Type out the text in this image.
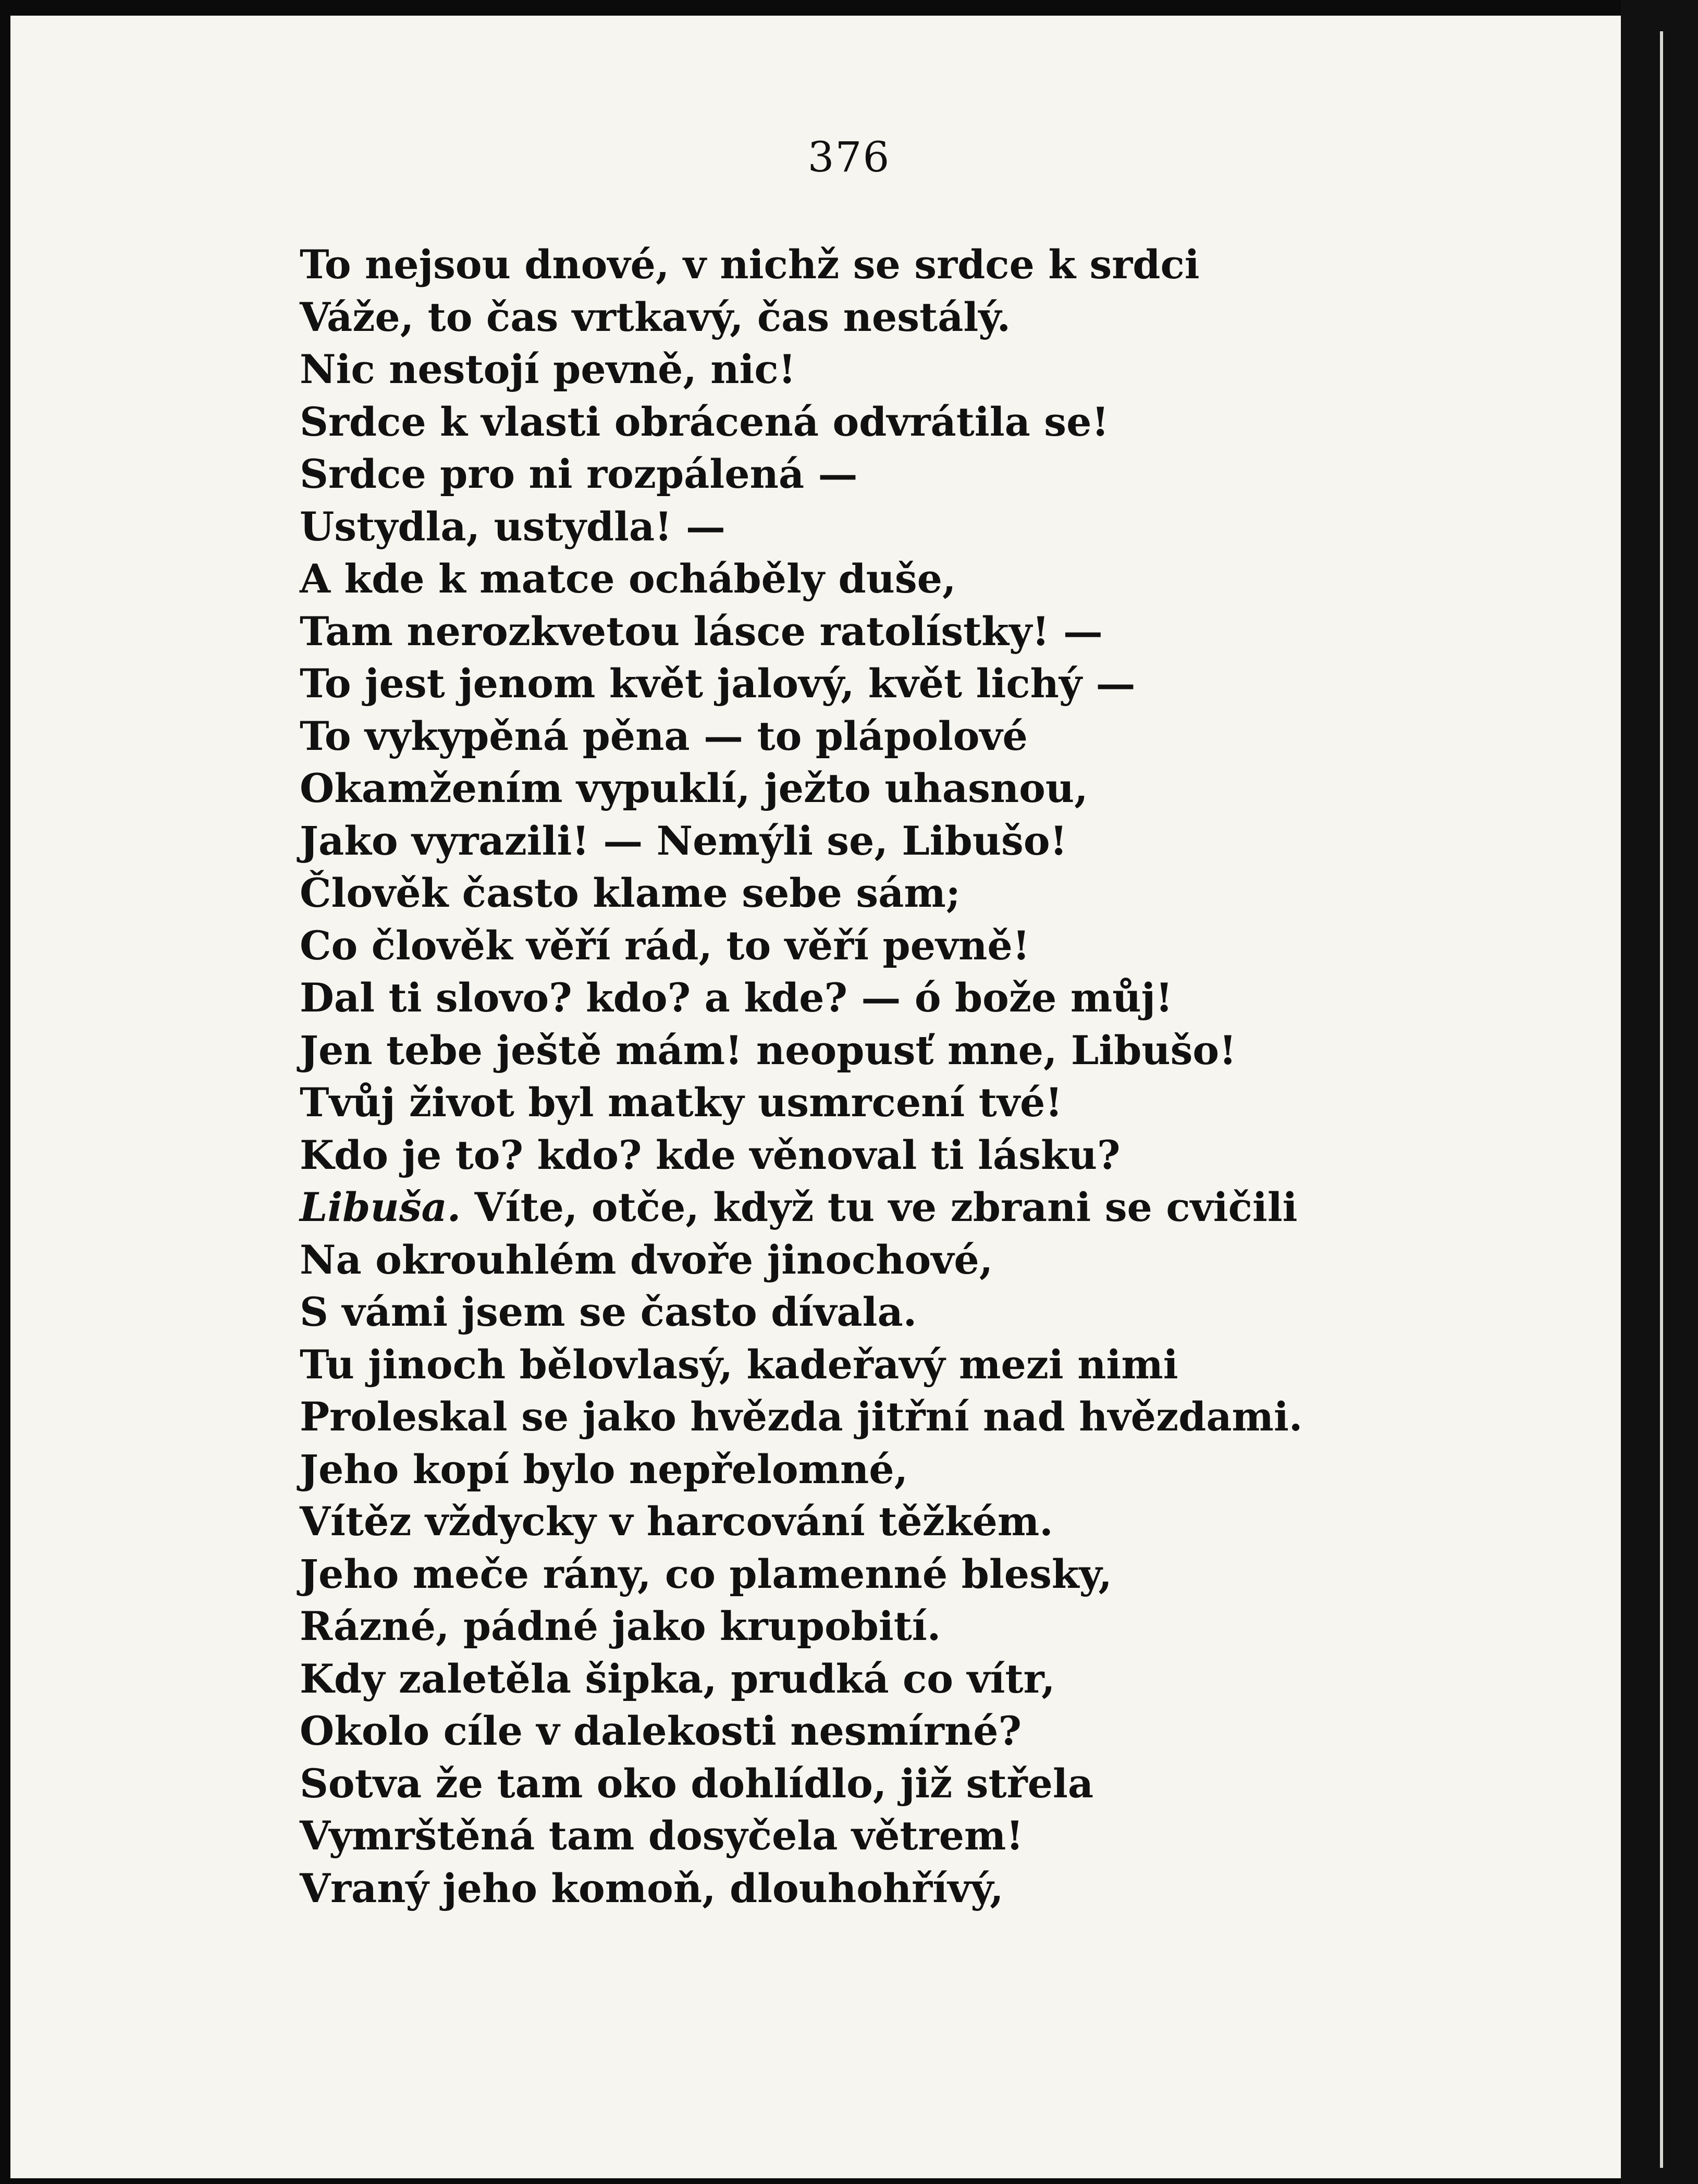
376
To nejsou dnové, v nichž se srdce k srdci
Váže, to čas vrtkavý, čas nestálý.
Nic nestojí pevně, nic!
Srdce k vlasti obrácená odvrátila se!
Srdce pro ni rozpálená —
Ustydla, ustydla! —
A kde k matce ocháběly duše,
Tam nerozkvetou lásce ratolístky! —
To jest jenom květ jalový, květ lichý —
To vykypěná pěna — to plápolové
Okamžením vypuklí, ježto uhasnou,
Jako vyrazili! — Nemýli se, Libušo!
Člověk často klame sebe sám;
Co člověk věří rád, to věří pevně!
Dal ti slovo? kdo? a kde? — ó bože můj!
Jen tebe ještě mám! neopusť mne, Libušo!
Tvůj život byl matky usmrcení tvé!
Kdo je to? kdo? kde věnoval ti lásku?
Libuša. Víte, otče, když tu ve zbrani se cvičili
Na okrouhlém dvoře jinochové,
S vámi jsem se často dívala.
Tu jinoch bělovlasý, kadeřavý mezi nimi
Proleskal se jako hvězda jitřní nad hvězdami.
Jeho kopí bylo nepřelomné,
Vítěz vždycky v harcování těžkém.
Jeho meče rány, co plamenné blesky,
Rázné, pádné jako krupobití.
Kdy zaletěla šipka, prudká co vítr,
Okolo cíle v dalekosti nesmírné?
Sotva že tam oko dohlídlo, již střela
Vymrštěná tam dosyčela větrem!
Vraný jeho komoň, dlouhohřívý,
